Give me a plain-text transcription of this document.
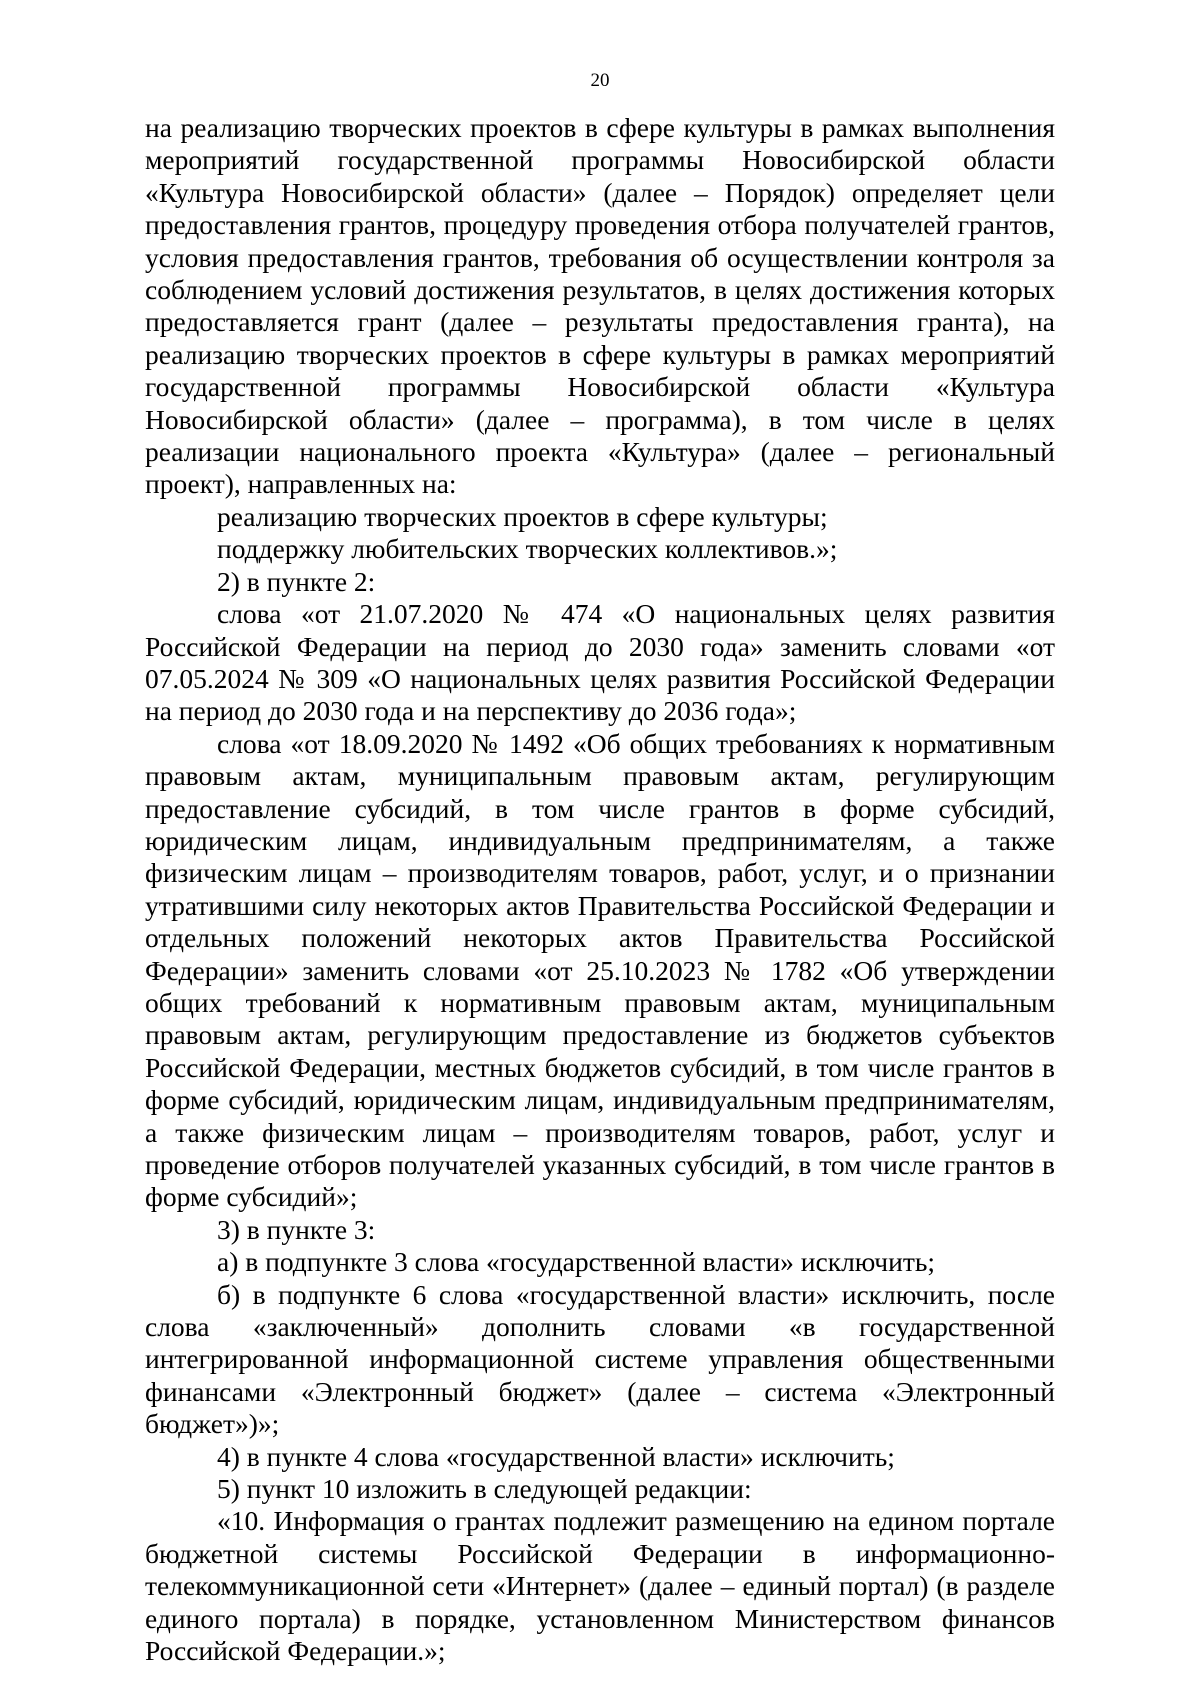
20

на реализацию творческих проектов в сфере культуры в рамках выполнения мероприятий государственной программы Новосибирской области «Культура Новосибирской области» (далее – Порядок) определяет цели предоставления грантов, процедуру проведения отбора получателей грантов, условия предоставления грантов, требования об осуществлении контроля за соблюдением условий достижения результатов, в целях достижения которых предоставляется грант (далее – результаты предоставления гранта), на реализацию творческих проектов в сфере культуры в рамках мероприятий государственной программы Новосибирской области «Культура Новосибирской области» (далее – программа), в том числе в целях реализации национального проекта «Культура» (далее – региональный проект), направленных на:

реализацию творческих проектов в сфере культуры;

поддержку любительских творческих коллективов.»;

2) в пункте 2:

слова «от 21.07.2020 № 474 «О национальных целях развития Российской Федерации на период до 2030 года» заменить словами «от 07.05.2024 № 309 «О национальных целях развития Российской Федерации на период до 2030 года и на перспективу до 2036 года»;

слова «от 18.09.2020 № 1492 «Об общих требованиях к нормативным правовым актам, муниципальным правовым актам, регулирующим предоставление субсидий, в том числе грантов в форме субсидий, юридическим лицам, индивидуальным предпринимателям, а также физическим лицам – производителям товаров, работ, услуг, и о признании утратившими силу некоторых актов Правительства Российской Федерации и отдельных положений некоторых актов Правительства Российской Федерации» заменить словами «от 25.10.2023 № 1782 «Об утверждении общих требований к нормативным правовым актам, муниципальным правовым актам, регулирующим предоставление из бюджетов субъектов Российской Федерации, местных бюджетов субсидий, в том числе грантов в форме субсидий, юридическим лицам, индивидуальным предпринимателям, а также физическим лицам – производителям товаров, работ, услуг и проведение отборов получателей указанных субсидий, в том числе грантов в форме субсидий»;

3) в пункте 3:

а) в подпункте 3 слова «государственной власти» исключить;

б) в подпункте 6 слова «государственной власти» исключить, после слова «заключенный» дополнить словами «в государственной интегрированной информационной системе управления общественными финансами «Электронный бюджет» (далее – система «Электронный бюджет»)»;

4) в пункте 4 слова «государственной власти» исключить;

5) пункт 10 изложить в следующей редакции:

«10. Информация о грантах подлежит размещению на едином портале бюджетной системы Российской Федерации в информационно-телекоммуникационной сети «Интернет» (далее – единый портал) (в разделе единого портала) в порядке, установленном Министерством финансов Российской Федерации.»;
